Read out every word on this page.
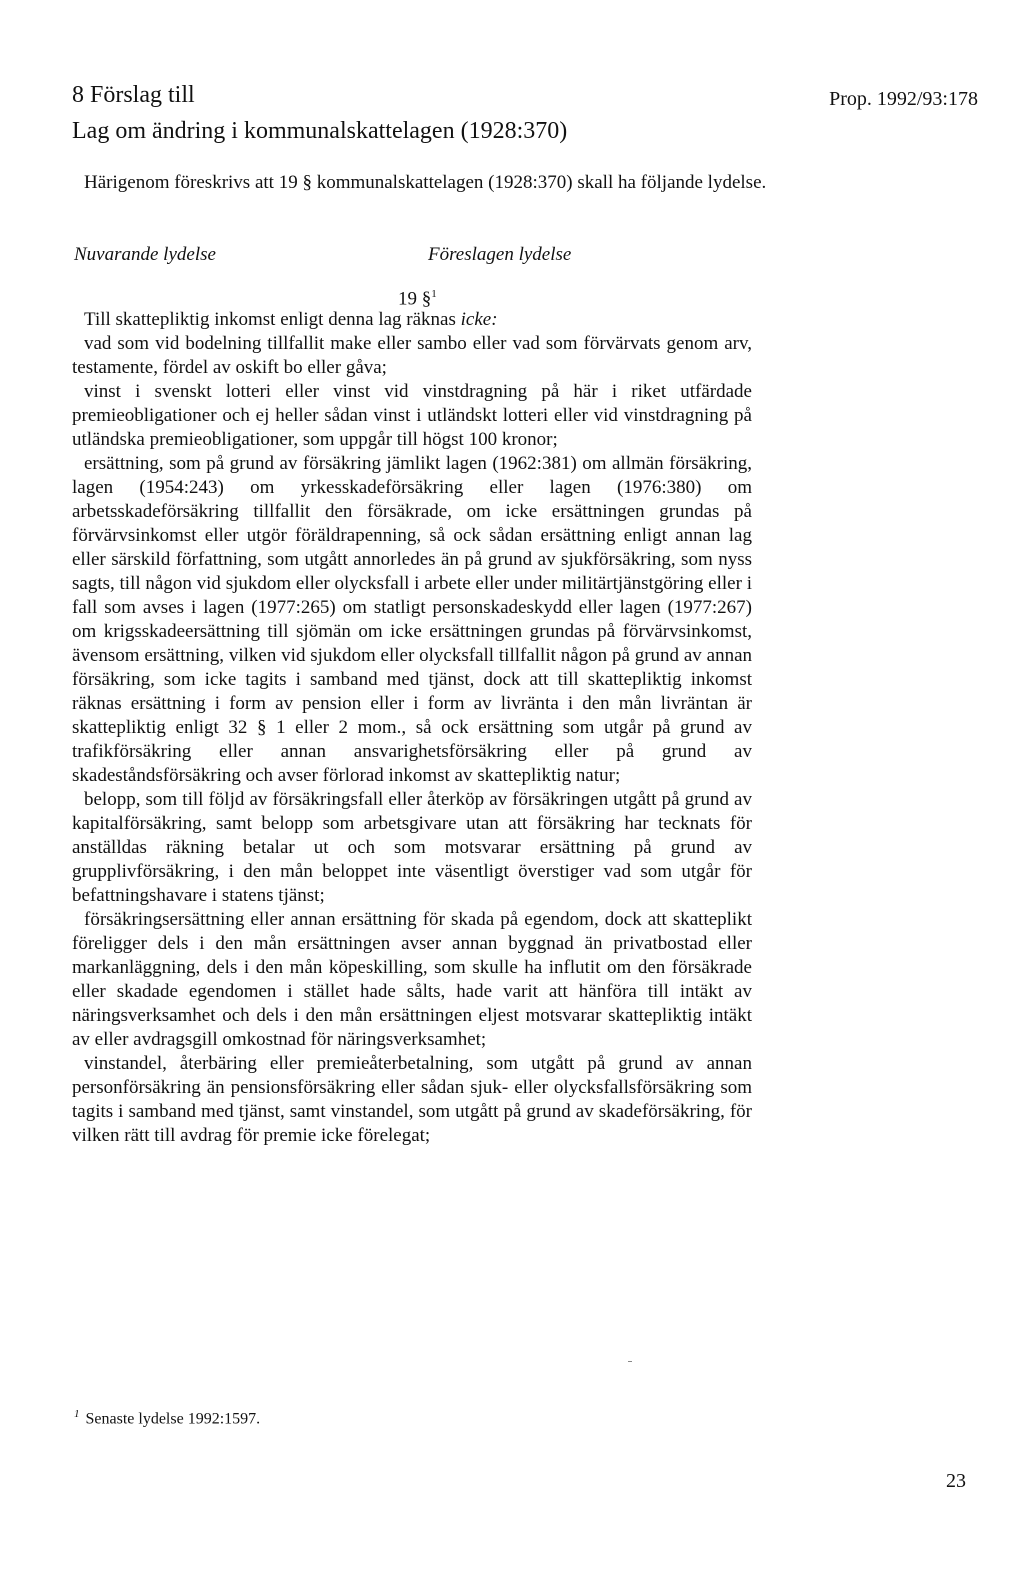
8 Förslag till
Lag om ändring i kommunalskattelagen (1928:370)
Prop. 1992/93:178
Härigenom föreskrivs att 19 § kommunalskattelagen (1928:370) skall ha följande lydelse.
Nuvarande lydelse	Föreslagen lydelse
19 §$^1$
Till skattepliktig inkomst enligt denna lag räknas icke:
vad som vid bodelning tillfallit make eller sambo eller vad som förvärvats genom arv, testamente, fördel av oskift bo eller gåva;
vinst i svenskt lotteri eller vinst vid vinstdragning på här i riket utfärdade premieobligationer och ej heller sådan vinst i utländskt lotteri eller vid vinstdragning på utländska premieobligationer, som uppgår till högst 100 kronor;
ersättning, som på grund av försäkring jämlikt lagen (1962:381) om allmän försäkring, lagen (1954:243) om yrkesskadeförsäkring eller lagen (1976:380) om arbetsskadeförsäkring tillfallit den försäkrade, om icke ersättningen grundas på förvärvsinkomst eller utgör föräldrapenning, så ock sådan ersättning enligt annan lag eller särskild författning, som utgått annorledes än på grund av sjukförsäkring, som nyss sagts, till någon vid sjukdom eller olycksfall i arbete eller under militärtjänstgöring eller i fall som avses i lagen (1977:265) om statligt personskadeskydd eller lagen (1977:267) om krigsskadeersättning till sjömän om icke ersättningen grundas på förvärvsinkomst, ävensom ersättning, vilken vid sjukdom eller olycksfall tillfallit någon på grund av annan försäkring, som icke tagits i samband med tjänst, dock att till skattepliktig inkomst räknas ersättning i form av pension eller i form av livränta i den mån livräntan är skattepliktig enligt 32 § 1 eller 2 mom., så ock ersättning som utgår på grund av trafikförsäkring eller annan ansvarighetsförsäkring eller på grund av skadeståndsförsäkring och avser förlorad inkomst av skattepliktig natur;
belopp, som till följd av försäkringsfall eller återköp av försäkringen utgått på grund av kapitalförsäkring, samt belopp som arbetsgivare utan att försäkring har tecknats för anställdas räkning betalar ut och som motsvarar ersättning på grund av grupplivförsäkring, i den mån beloppet inte väsentligt överstiger vad som utgår för befattningshavare i statens tjänst;
försäkringsersättning eller annan ersättning för skada på egendom, dock att skatteplikt föreligger dels i den mån ersättningen avser annan byggnad än privatbostad eller markanläggning, dels i den mån köpeskilling, som skulle ha influtit om den försäkrade eller skadade egendomen i stället hade sålts, hade varit att hänföra till intäkt av näringsverksamhet och dels i den mån ersättningen eljest motsvarar skattepliktig intäkt av eller avdragsgill omkostnad för näringsverksamhet;
vinstandel, återbäring eller premieåterbetalning, som utgått på grund av annan personförsäkring än pensionsförsäkring eller sådan sjuk- eller olycksfallsförsäkring som tagits i samband med tjänst, samt vinstandel, som utgått på grund av skadeförsäkring, för vilken rätt till avdrag för premie icke förelegat;
$^1$ Senaste lydelse 1992:1597.
23
